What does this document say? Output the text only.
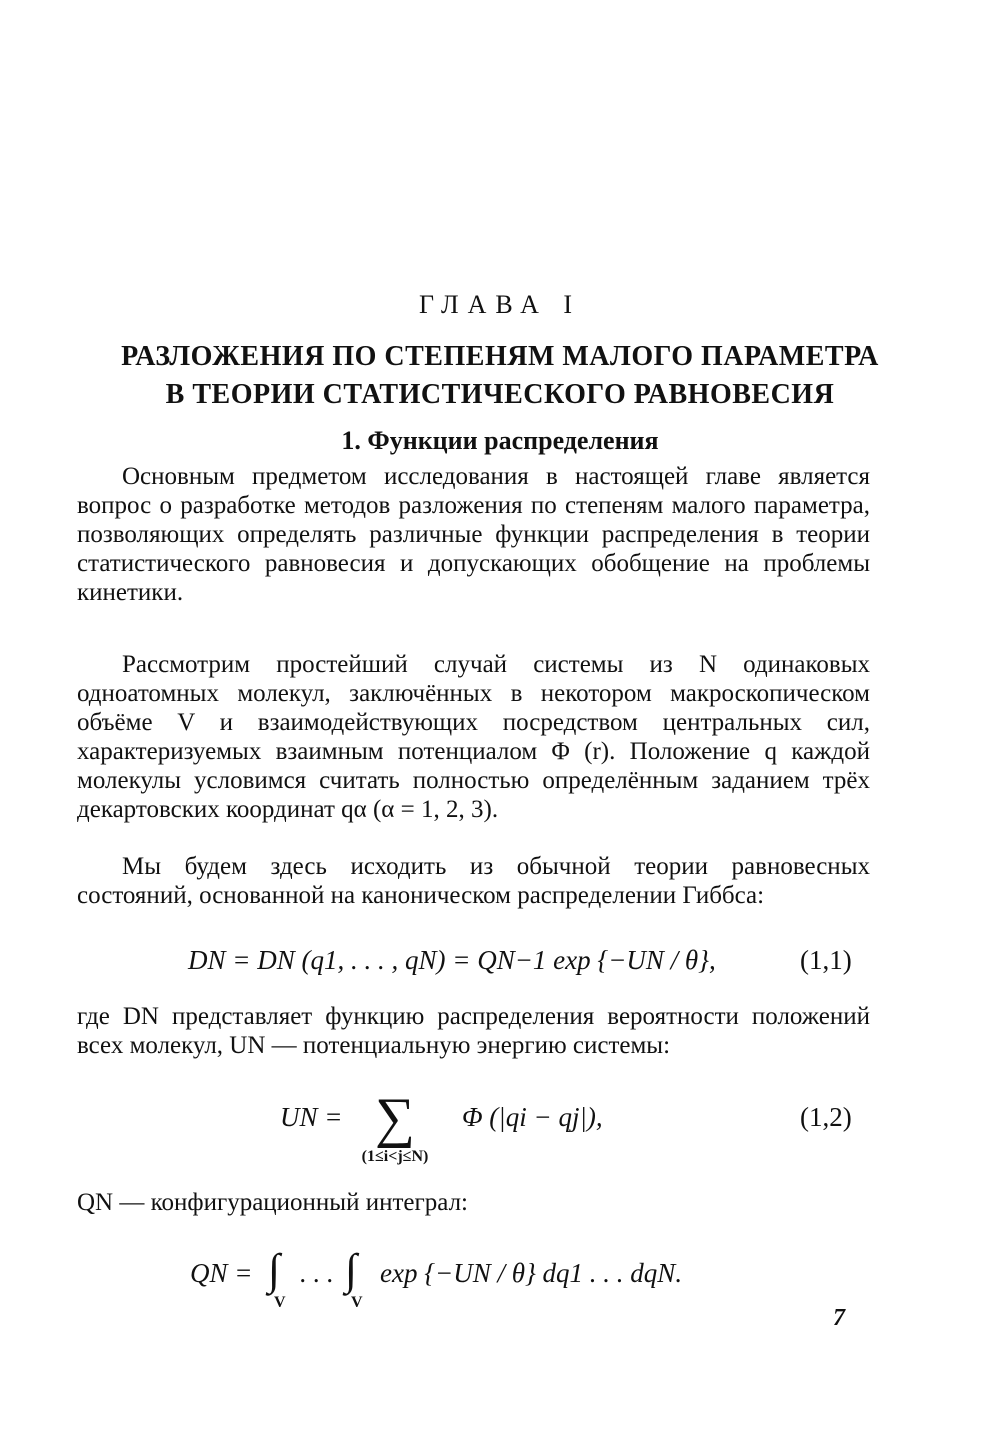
ГЛАВА I
РАЗЛОЖЕНИЯ ПО СТЕПЕНЯМ МАЛОГО ПАРАМЕТРА
В ТЕОРИИ СТАТИСТИЧЕСКОГО РАВНОВЕСИЯ
1. Функции распределения

Основным предметом исследования в настоящей главе является вопрос о разработке методов разложения по степеням малого параметра, позволяющих определять различные функции распределения в теории статистического равновесия и допускающих обобщение на проблемы кинетики.

Рассмотрим простейший случай системы из N одинаковых одноатомных молекул, заключённых в некотором макроскопическом объёме V и взаимодействующих посредством центральных сил, характеризуемых взаимным потенциалом Φ (r). Положение q каждой молекулы условимся считать полностью определённым заданием трёх декартовских координат qα (α = 1, 2, 3).

Мы будем здесь исходить из обычной теории равновесных состояний, основанной на каноническом распределении Гиббса:

DN = DN (q1, . . . , qN) = QN−1 exp {−UN / θ},	(1,1)

где DN представляет функцию распределения вероятности положений всех молекул, UN — потенциальную энергию системы:

UN = ∑
(1≤i<j≤N)
Φ (|qi − qj|),	(1,2)

QN — конфигурационный интеграл:

QN = ∫
V
. . . ∫
V
exp {−UN / θ} dq1 . . . dqN.
7
